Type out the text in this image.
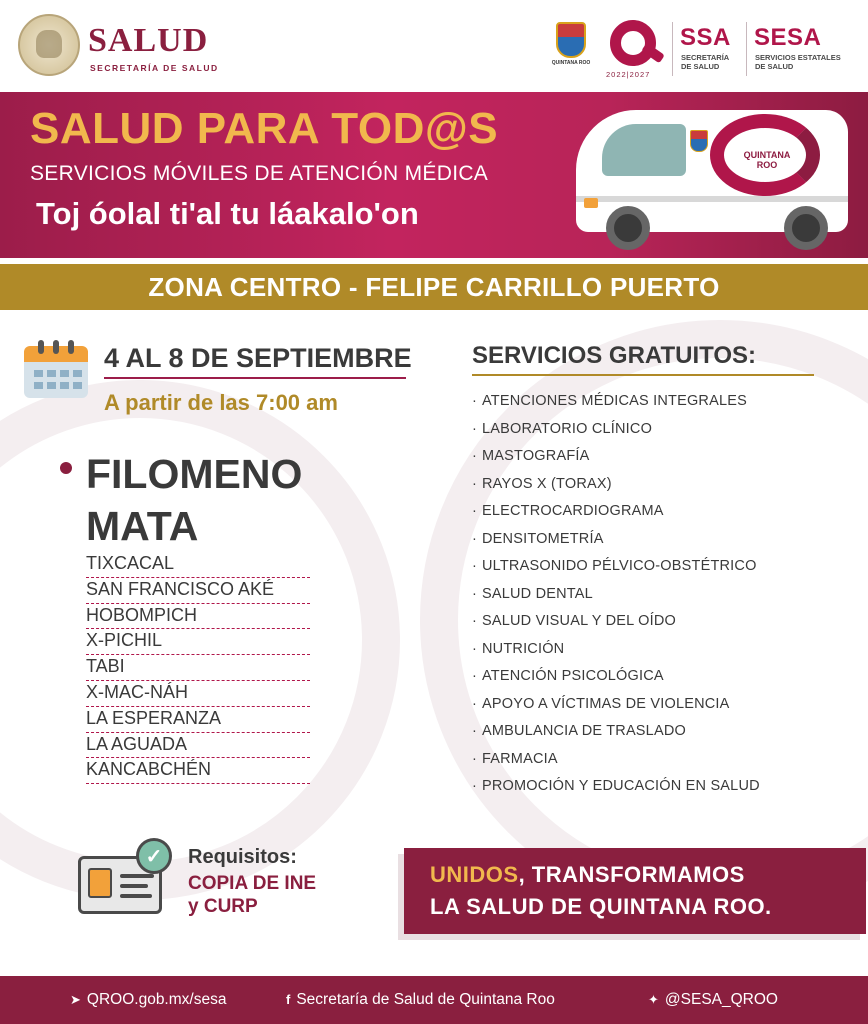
SALUD
SECRETARÍA DE SALUD	QUINTANA ROO
2022|2027
SSA
SECRETARÍA
DE SALUD
SESA
SERVICIOS ESTATALES
DE SALUD
SALUD PARA TOD@S
SERVICIOS MÓVILES DE ATENCIÓN MÉDICA
Toj óolal ti'al tu láakalo'on
QUINTANA
ROO
ZONA CENTRO - FELIPE CARRILLO PUERTO
4 AL 8 DE SEPTIEMBRE
A partir de las 7:00 am
FILOMENO MATA
TIXCACAL
SAN FRANCISCO AKÉ
HOBOMPICH
X-PICHIL
TABI
X-MAC-NÁH
LA ESPERANZA
LA AGUADA
KANCABCHÉN
SERVICIOS GRATUITOS:
· ATENCIONES MÉDICAS INTEGRALES
· LABORATORIO CLÍNICO
· MASTOGRAFÍA
· RAYOS X (TORAX)
· ELECTROCARDIOGRAMA
· DENSITOMETRÍA
· ULTRASONIDO PÉLVICO-OBSTÉTRICO
· SALUD DENTAL
· SALUD VISUAL Y DEL OÍDO
· NUTRICIÓN
· ATENCIÓN PSICOLÓGICA
· APOYO A VÍCTIMAS DE VIOLENCIA
· AMBULANCIA DE TRASLADO
· FARMACIA
· PROMOCIÓN Y EDUCACIÓN EN SALUD
✓	Requisitos:
COPIA DE INE
y CURP
UNIDOS, TRANSFORMAMOS
LA SALUD DE QUINTANA ROO.
➤ QROO.gob.mx/sesa	f Secretaría de Salud de Quintana Roo	✦ @SESA_QROO
